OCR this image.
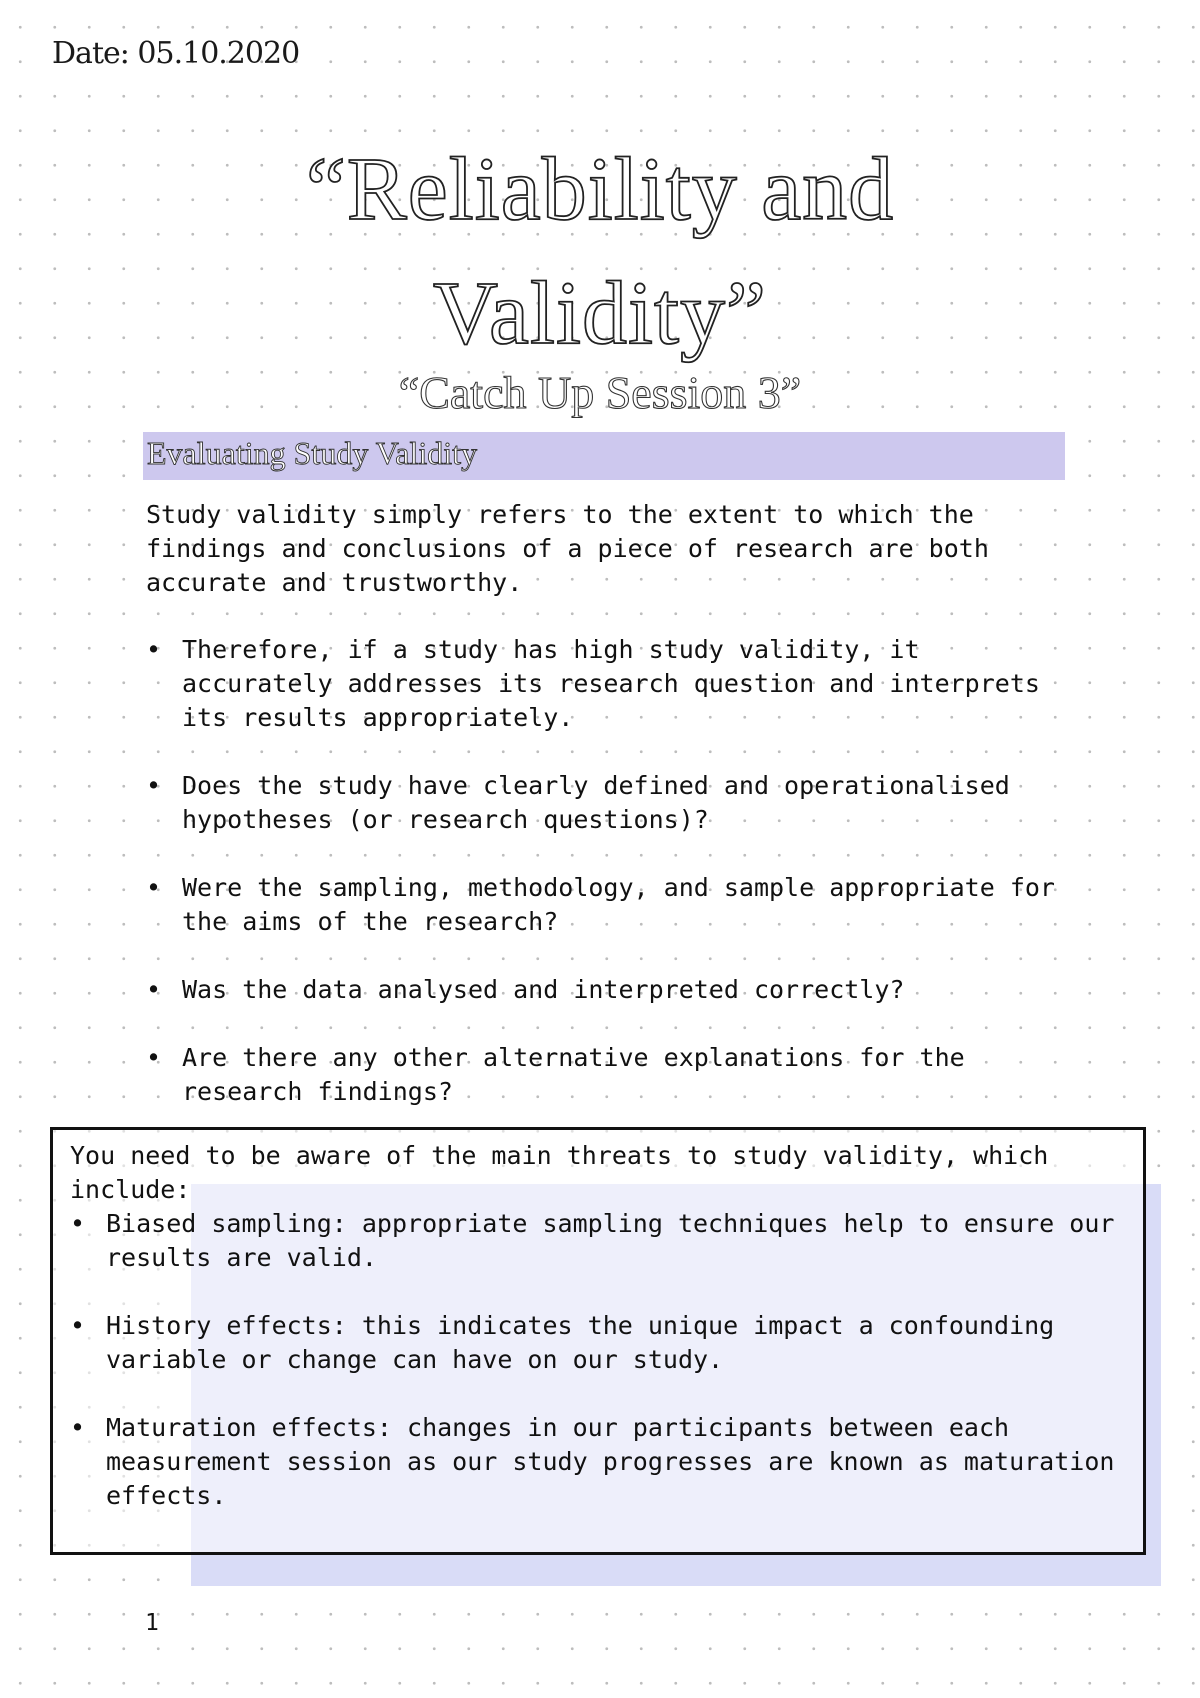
Date: 05.10.2020
“Reliability and
Validity”
“Catch Up Session 3”
Evaluating Study Validity

Study validity simply refers to the extent to which the findings and conclusions of a piece of research are both accurate and trustworthy.

• Therefore, if a study has high study validity, it accurately addresses its research question and interprets its results appropriately.
• Does the study have clearly defined and operationalised hypotheses (or research questions)?
• Were the sampling, methodology, and sample appropriate for the aims of the research?
• Was the data analysed and interpreted correctly?
• Are there any other alternative explanations for the research findings?

You need to be aware of the main threats to study validity, which include:

• Biased sampling: appropriate sampling techniques help to ensure our results are valid.
• History effects: this indicates the unique impact a confounding variable or change can have on our study.
• Maturation effects: changes in our participants between each measurement session as our study progresses are known as maturation effects.
1
